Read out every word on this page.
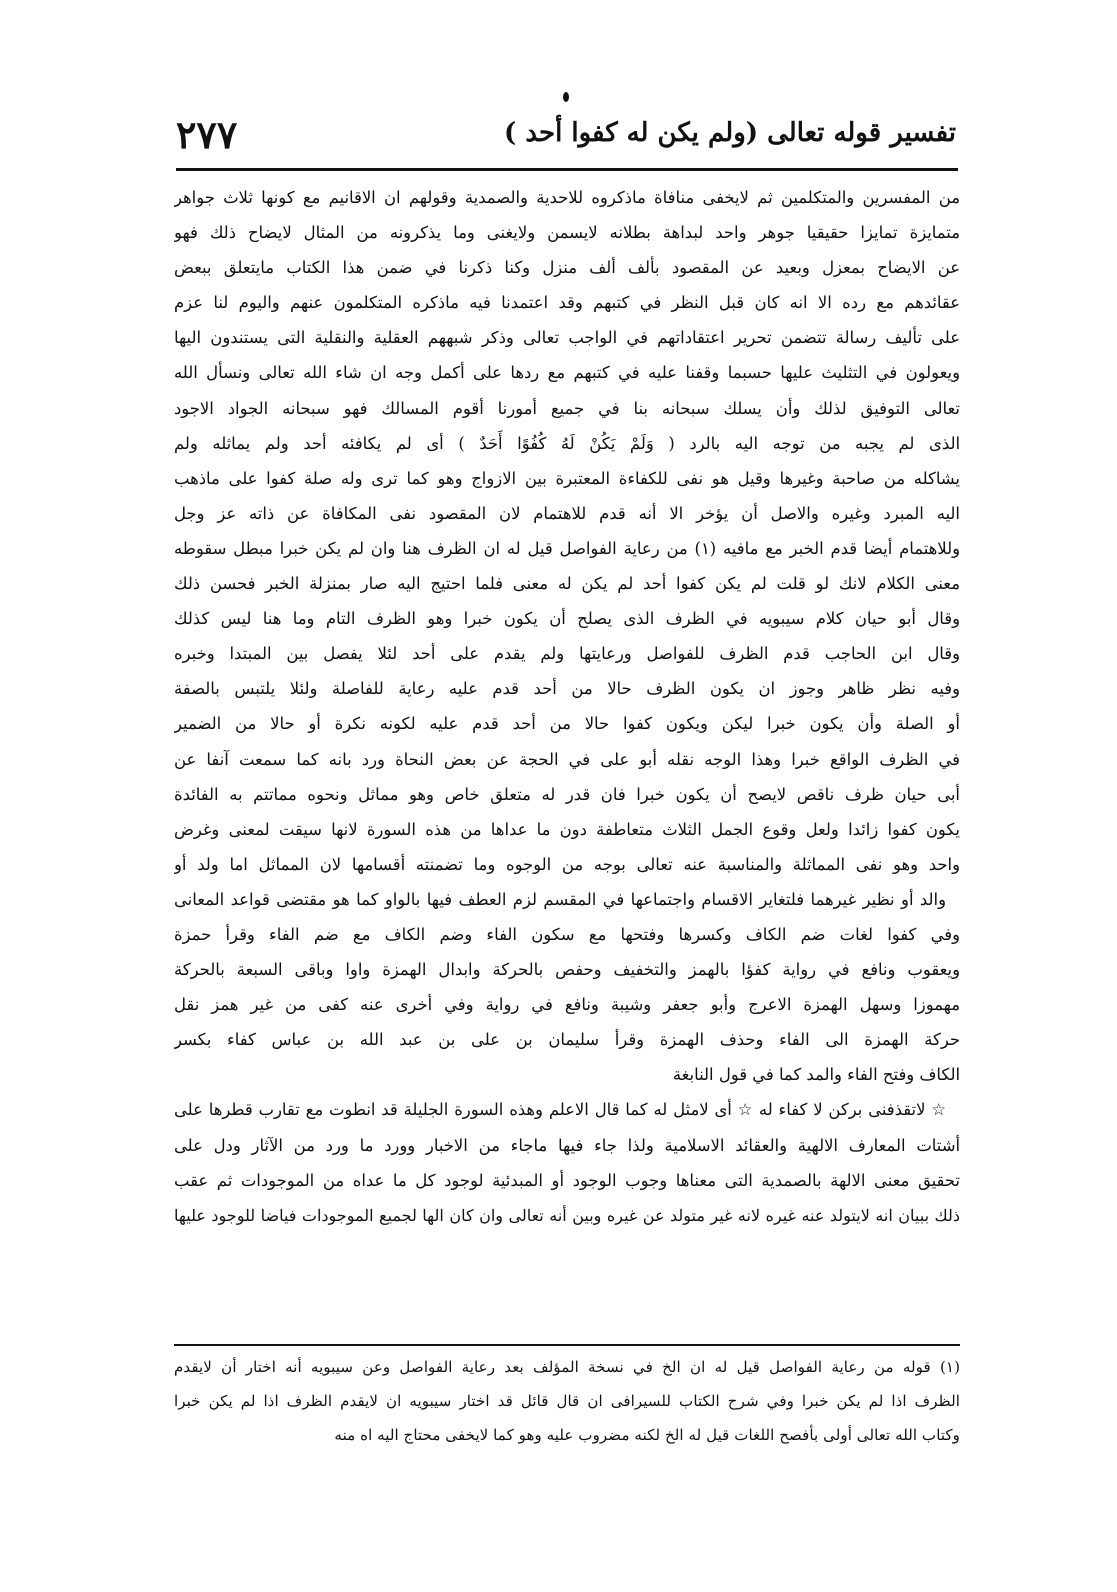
تفسير قوله تعالى (ولم يكن له كفوا أحد )
٢٧٧
من المفسرين والمتكلمين ثم لايخفى منافاة ماذكروه للاحدية والصمدية وقولهم ان الاقانيم مع كونها ثلاث جواهر
متمايزة تمايزا حقيقيا جوهر واحد لبداهة بطلانه لايسمن ولايغنى وما يذكرونه من المثال لايضاح ذلك فهو
عن الايضاح بمعزل وبعيد عن المقصود بألف ألف منزل وكنا ذكرنا في ضمن هذا الكتاب مايتعلق ببعض
عقائدهم مع رده الا انه كان قبل النظر في كتبهم وقد اعتمدنا فيه ماذكره المتكلمون عنهم واليوم لنا عزم
على تأليف رسالة تتضمن تحرير اعتقاداتهم في الواجب تعالى وذكر شبههم العقلية والنقلية التى يستندون اليها
ويعولون في التثليث عليها حسبما وقفنا عليه في كتبهم مع ردها على أكمل وجه ان شاء الله تعالى ونسأل الله
تعالى التوفيق لذلك وأن يسلك سبحانه بنا في جميع أمورنا أقوم المسالك فهو سبحانه الجواد الاجود
الذى لم يجبه من توجه اليه بالرد ( وَلَمْ يَكُنْ لَهُ كُفُوًا أَحَدٌ ) أى لم يكافئه أحد ولم يماثله ولم
يشاكله من صاحبة وغيرها وقيل هو نفى للكفاءة المعتبرة بين الازواج وهو كما ترى وله صلة كفوا على ماذهب
اليه المبرد وغيره والاصل أن يؤخر الا أنه قدم للاهتمام لان المقصود نفى المكافاة عن ذاته عز وجل
وللاهتمام أيضا قدم الخبر مع مافيه (١) من رعاية الفواصل قيل له ان الظرف هنا وان لم يكن خبرا مبطل سقوطه
معنى الكلام لانك لو قلت لم يكن كفوا أحد لم يكن له معنى فلما احتيج اليه صار بمنزلة الخبر فحسن ذلك
وقال أبو حيان كلام سيبويه في الظرف الذى يصلح أن يكون خبرا وهو الظرف التام وما هنا ليس كذلك
وقال ابن الحاجب قدم الظرف للفواصل ورعايتها ولم يقدم على أحد لئلا يفصل بين المبتدا وخبره
وفيه نظر ظاهر وجوز ان يكون الظرف حالا من أحد قدم عليه رعاية للفاصلة ولئلا يلتبس بالصفة
أو الصلة وأن يكون خبرا ليكن ويكون كفوا حالا من أحد قدم عليه لكونه نكرة أو حالا من الضمير
في الظرف الواقع خبرا وهذا الوجه نقله أبو على في الحجة عن بعض النحاة ورد بانه كما سمعت آنفا عن
أبى حيان ظرف ناقص لايصح أن يكون خبرا فان قدر له متعلق خاص وهو مماثل ونحوه مماتتم به الفائدة
يكون كفوا زائدا ولعل وقوع الجمل الثلاث متعاطفة دون ما عداها من هذه السورة لانها سيقت لمعنى وغرض
واحد وهو نفى المماثلة والمناسبة عنه تعالى بوجه من الوجوه وما تضمنته أقسامها لان المماثل اما ولد أو
والد أو نظير غيرهما فلتغاير الاقسام واجتماعها في المقسم لزم العطف فيها بالواو كما هو مقتضى قواعد المعانى
وفي كفوا لغات ضم الكاف وكسرها وفتحها مع سكون الفاء وضم الكاف مع ضم الفاء وقرأ حمزة
ويعقوب ونافع في رواية كفؤا بالهمز والتخفيف وحفص بالحركة وابدال الهمزة واوا وباقى السبعة بالحركة
مهموزا وسهل الهمزة الاعرج وأبو جعفر وشيبة ونافع في رواية وفي أخرى عنه كفى من غير همز نقل
حركة الهمزة الى الفاء وحذف الهمزة وقرأ سليمان بن على بن عبد الله بن عباس كفاء بكسر
الكاف وفتح الفاء والمد كما في قول النابغة
☆ لاتقذفنى بركن لا كفاء له ☆ أى لامثل له كما قال الاعلم وهذه السورة الجليلة قد انطوت مع تقارب قطرها على
أشتات المعارف الالهية والعقائد الاسلامية ولذا جاء فيها ماجاء من الاخبار وورد ما ورد من الآثار ودل على
تحقيق معنى الالهة بالصمدية التى معناها وجوب الوجود أو المبدئية لوجود كل ما عداه من الموجودات ثم عقب
ذلك ببيان انه لايتولد عنه غيره لانه غير متولد عن غيره وبين أنه تعالى وان كان الها لجميع الموجودات فياضا للوجود عليها
(١) قوله من رعاية الفواصل قيل له ان الخ في نسخة المؤلف بعد رعاية الفواصل وعن سيبويه أنه اختار أن لايقدم
الظرف اذا لم يكن خبرا وفي شرح الكتاب للسيرافى ان قال قائل قد اختار سيبويه ان لايقدم الظرف اذا لم يكن خبرا
وكتاب الله تعالى أولى بأفصح اللغات قيل له الخ لكنه مضروب عليه وهو كما لايخفى محتاج اليه اه منه
